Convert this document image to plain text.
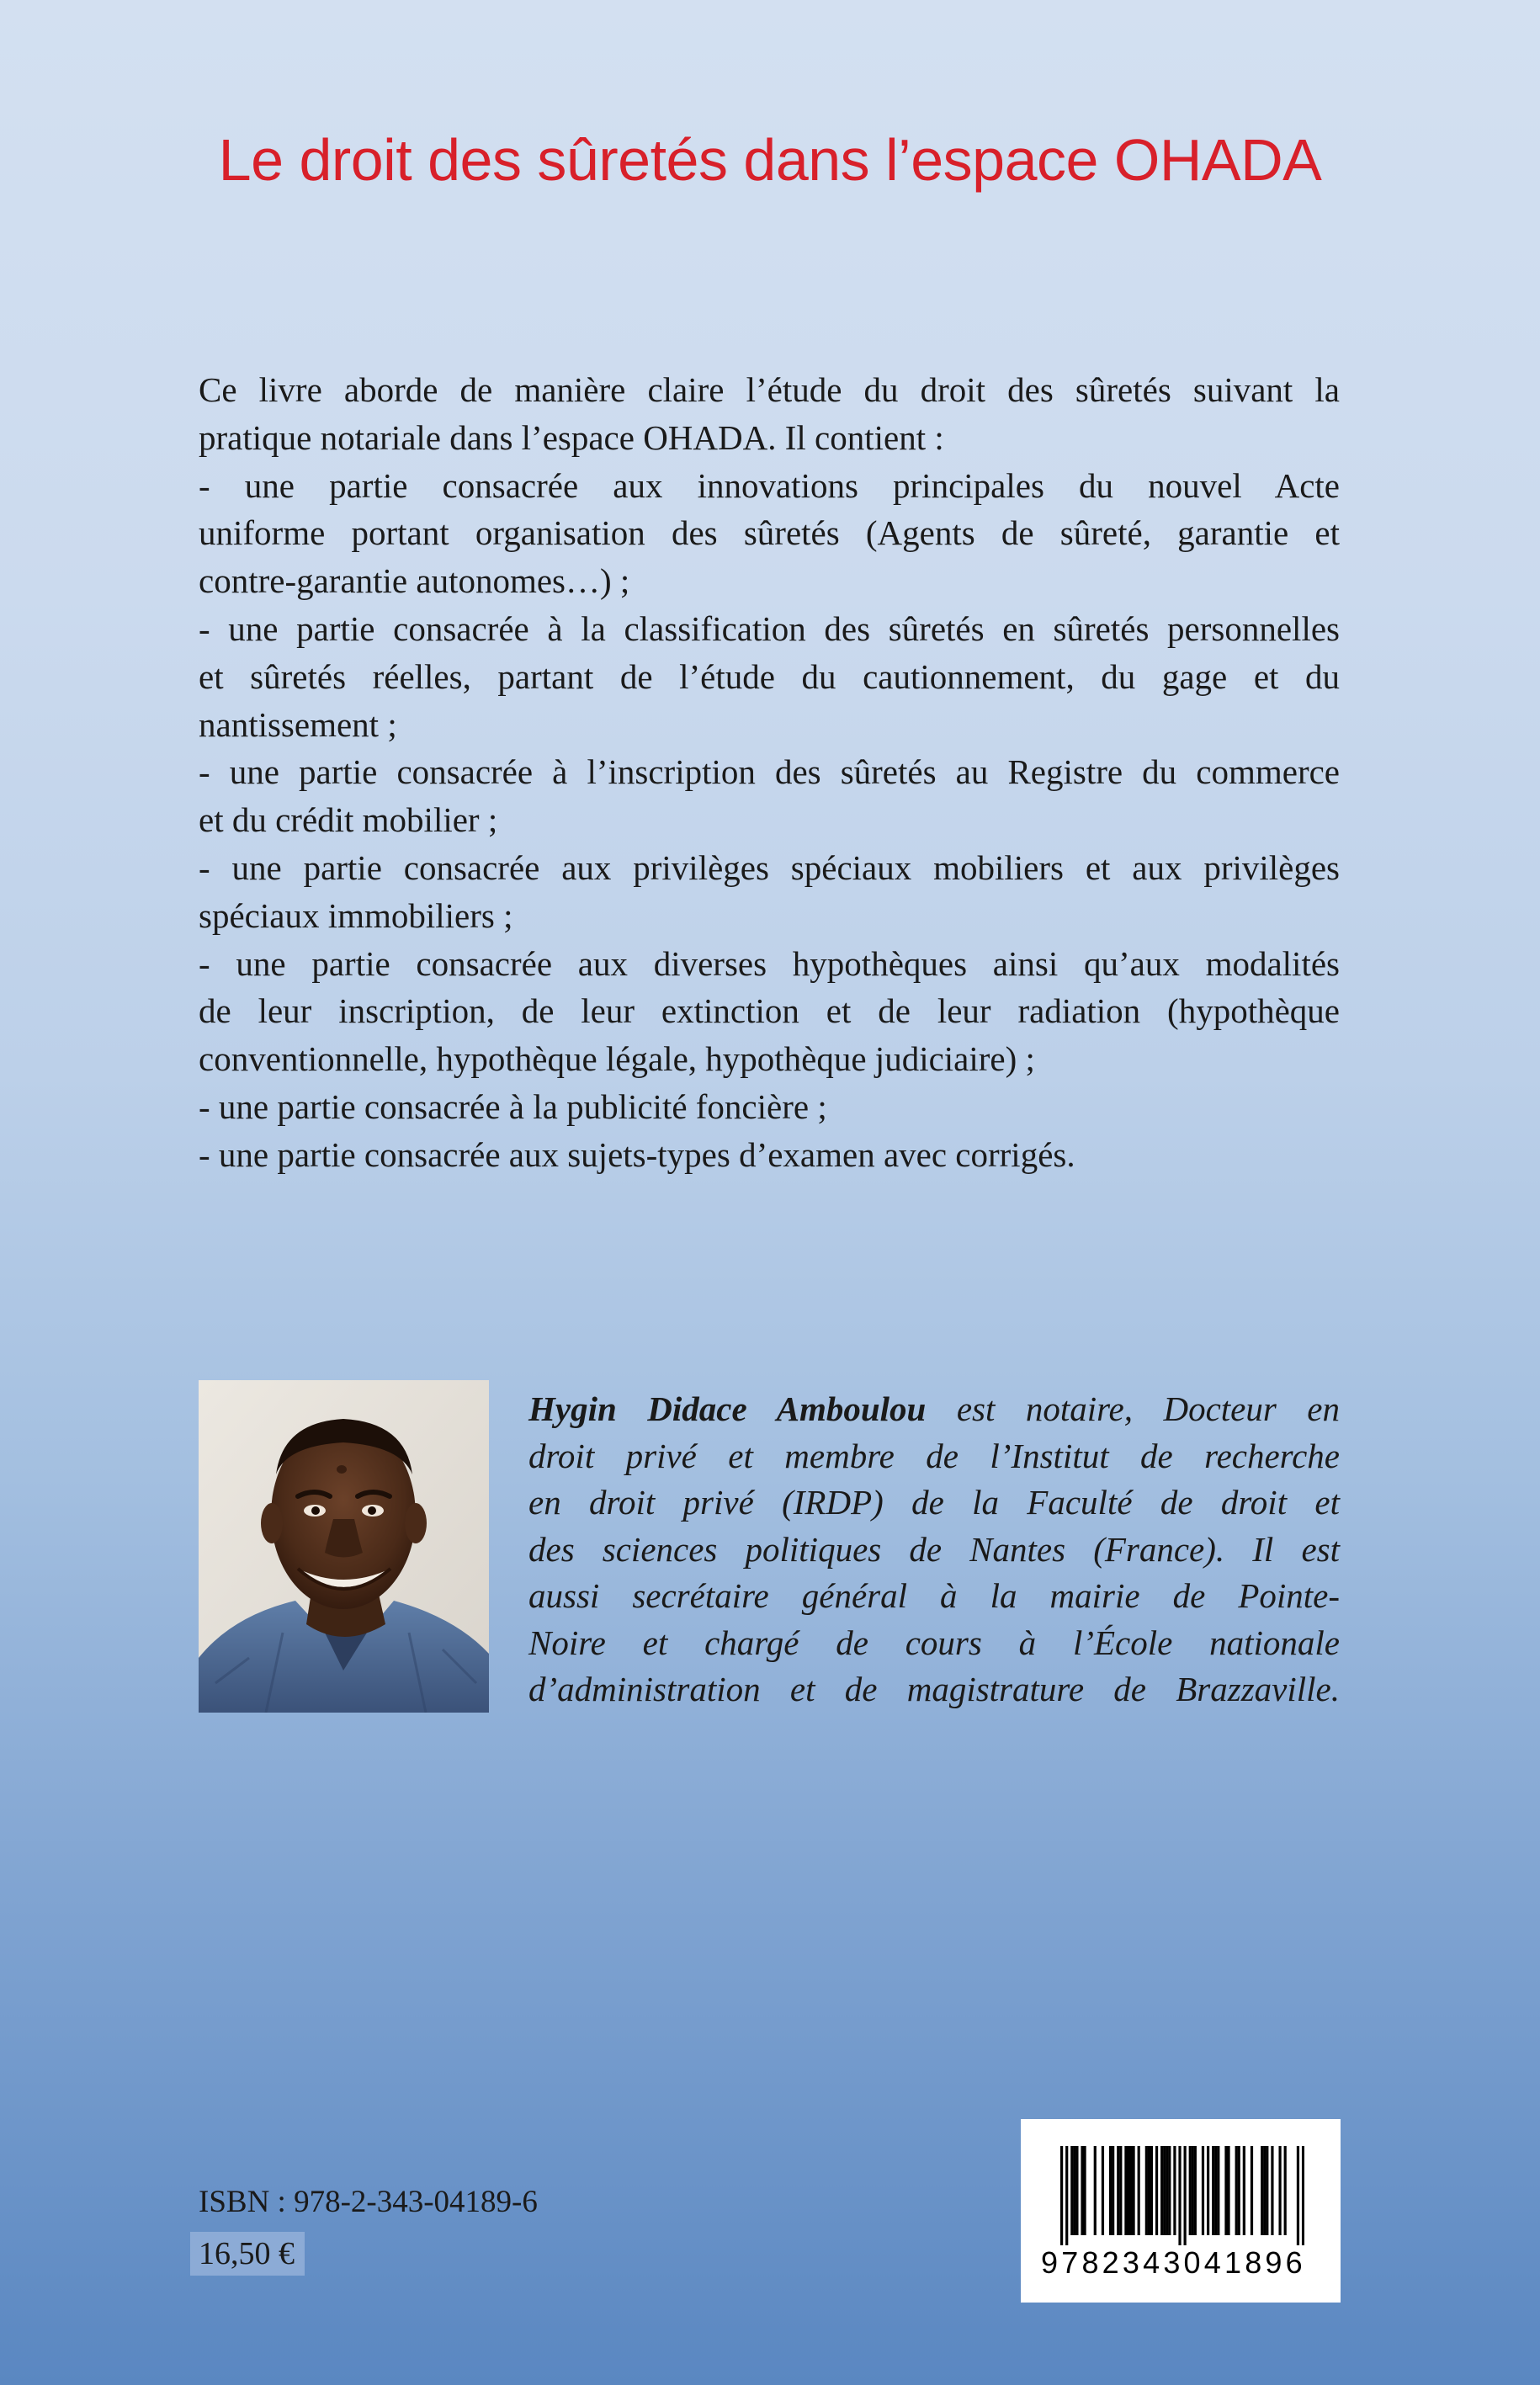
Le droit des sûretés dans l’espace OHADA
Ce livre aborde de manière claire l’étude du droit des sûretés suivant la
pratique notariale dans l’espace OHADA. Il contient :
- une partie consacrée aux innovations principales du nouvel Acte
uniforme portant organisation des sûretés (Agents de sûreté, garantie et
contre-garantie autonomes…) ;
- une partie consacrée à la classification des sûretés en sûretés personnelles
et sûretés réelles, partant de l’étude du cautionnement, du gage et du
nantissement ;
- une partie consacrée à l’inscription des sûretés au Registre du commerce
et du crédit mobilier ;
- une partie consacrée aux privilèges spéciaux mobiliers et aux privilèges
spéciaux immobiliers ;
- une partie consacrée aux diverses hypothèques ainsi qu’aux modalités
de leur inscription, de leur extinction et de leur radiation (hypothèque
conventionnelle, hypothèque légale, hypothèque judiciaire) ;
- une partie consacrée à la publicité foncière ;
- une partie consacrée aux sujets-types d’examen avec corrigés.
Hygin Didace Amboulou est notaire, Docteur en
droit privé et membre de l’Institut de recherche
en droit privé (IRDP) de la Faculté de droit et
des sciences politiques de Nantes (France). Il est
aussi secrétaire général à la mairie de Pointe-
Noire et chargé de cours à l’École nationale
d’administration et de magistrature de Brazzaville.
ISBN : 978-2-343-04189-6
16,50 €	9782343041896
